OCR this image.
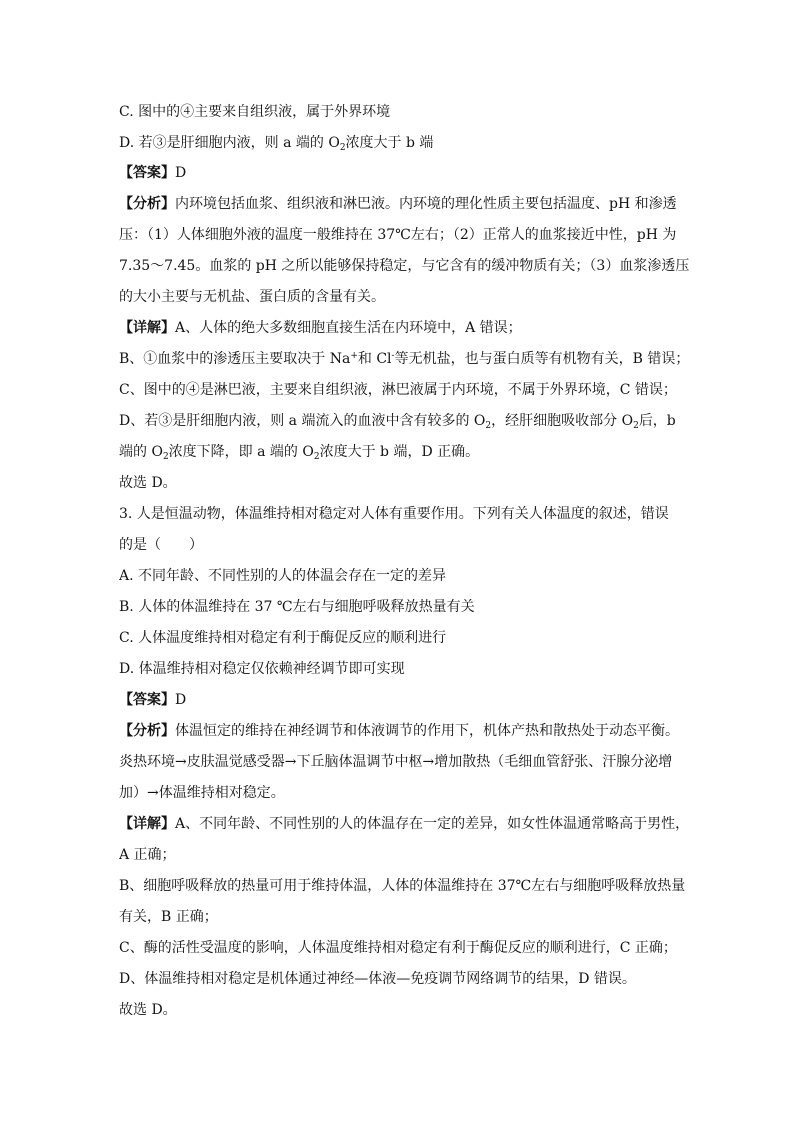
C. 图中的④主要来自组织液，属于外界环境
D. 若③是肝细胞内液，则 a 端的 $O_2$浓度大于 b 端
【答案】D
【分析】内环境包括血浆、组织液和淋巴液。内环境的理化性质主要包括温度、pH 和渗透
压：（1）人体细胞外液的温度一般维持在 37℃左右；（2）正常人的血浆接近中性，pH 为
7.35～7.45。血浆的 pH 之所以能够保持稳定，与它含有的缓冲物质有关；（3）血浆渗透压
的大小主要与无机盐、蛋白质的含量有关。
【详解】A、人体的绝大多数细胞直接生活在内环境中，A 错误；
B、①血浆中的渗透压主要取决于 Na+和 Cl-等无机盐，也与蛋白质等有机物有关，B 错误；
C、图中的④是淋巴液，主要来自组织液，淋巴液属于内环境，不属于外界环境，C 错误；
D、若③是肝细胞内液，则 a 端流入的血液中含有较多的 $O_2$，经肝细胞吸收部分 $O_2$后，b
端的 $O_2$浓度下降，即 a 端的 $O_2$浓度大于 b 端，D 正确。
故选 D。
3. 人是恒温动物，体温维持相对稳定对人体有重要作用。下列有关人体温度的叙述，错误
的是（　　）
A. 不同年龄、不同性别的人的体温会存在一定的差异
B. 人体的体温维持在 37 ℃左右与细胞呼吸释放热量有关
C. 人体温度维持相对稳定有利于酶促反应的顺利进行
D. 体温维持相对稳定仅依赖神经调节即可实现
【答案】D
【分析】体温恒定的维持在神经调节和体液调节的作用下，机体产热和散热处于动态平衡。
炎热环境→皮肤温觉感受器→下丘脑体温调节中枢→增加散热（毛细血管舒张、汗腺分泌增
加）→体温维持相对稳定。
【详解】A、不同年龄、不同性别的人的体温存在一定的差异，如女性体温通常略高于男性，
A 正确；
B、细胞呼吸释放的热量可用于维持体温，人体的体温维持在 37℃左右与细胞呼吸释放热量
有关，B 正确；
C、酶的活性受温度的影响，人体温度维持相对稳定有利于酶促反应的顺利进行，C 正确；
D、体温维持相对稳定是机体通过神经—体液—免疫调节网络调节的结果，D 错误。
故选 D。
